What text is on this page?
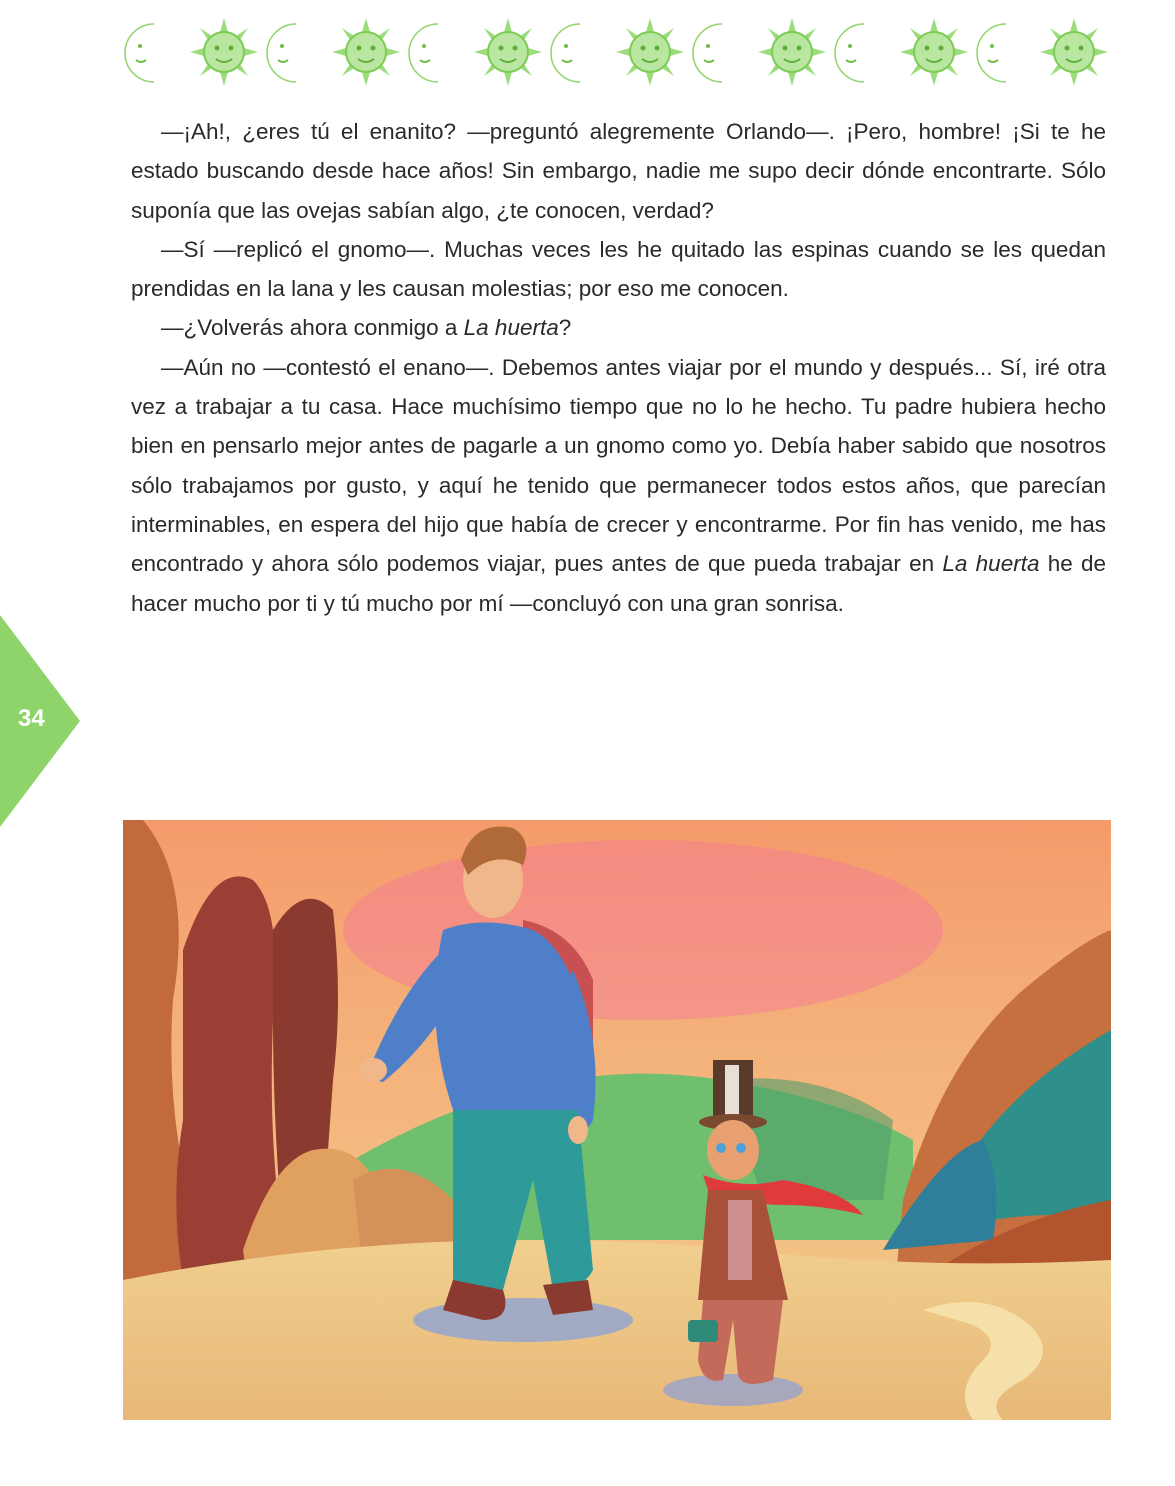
—¡Ah!, ¿eres tú el enanito? —preguntó alegremente Orlando—. ¡Pero, hombre! ¡Si te he estado buscando desde hace años! Sin embargo, nadie me supo decir dónde encontrarte. Sólo suponía que las ovejas sabían algo, ¿te conocen, verdad?

—Sí —replicó el gnomo—. Muchas veces les he quitado las espinas cuando se les quedan prendidas en la lana y les causan molestias; por eso me conocen.

—¿Volverás ahora conmigo a La huerta?

—Aún no —contestó el enano—. Debemos antes viajar por el mundo y después... Sí, iré otra vez a trabajar a tu casa. Hace muchísimo tiempo que no lo he hecho. Tu padre hubiera hecho bien en pensarlo mejor antes de pagarle a un gnomo como yo. Debía haber sabido que nosotros sólo trabajamos por gusto, y aquí he tenido que permanecer todos estos años, que parecían interminables, en espera del hijo que había de crecer y encontrarme. Por fin has venido, me has encontrado y ahora sólo podemos viajar, pues antes de que pueda trabajar en La huerta he de hacer mucho por ti y tú mucho por mí —concluyó con una gran sonrisa.

34
